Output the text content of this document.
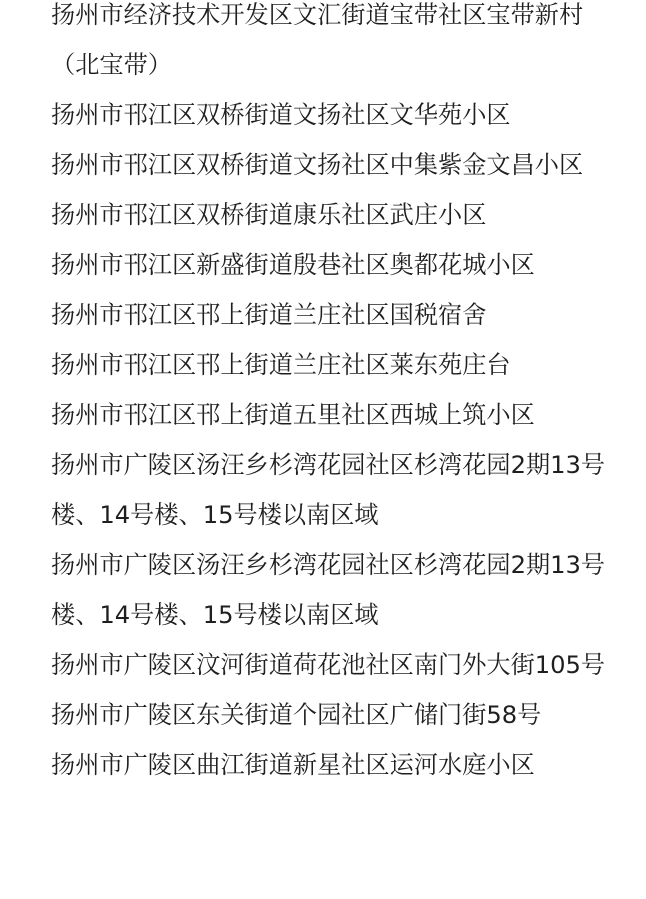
扬州市经济技术开发区文汇街道宝带社区宝带新村（北宝带）
扬州市邗江区双桥街道文扬社区文华苑小区
扬州市邗江区双桥街道文扬社区中集紫金文昌小区
扬州市邗江区双桥街道康乐社区武庄小区
扬州市邗江区新盛街道殷巷社区奥都花城小区
扬州市邗江区邗上街道兰庄社区国税宿舍
扬州市邗江区邗上街道兰庄社区莱东苑庄台
扬州市邗江区邗上街道五里社区西城上筑小区
扬州市广陵区汤汪乡杉湾花园社区杉湾花园2期13号楼、14号楼、15号楼以南区域
扬州市广陵区汤汪乡杉湾花园社区杉湾花园2期13号楼、14号楼、15号楼以南区域
扬州市广陵区汶河街道荷花池社区南门外大街105号
扬州市广陵区东关街道个园社区广储门街58号
扬州市广陵区曲江街道新星社区运河水庭小区
